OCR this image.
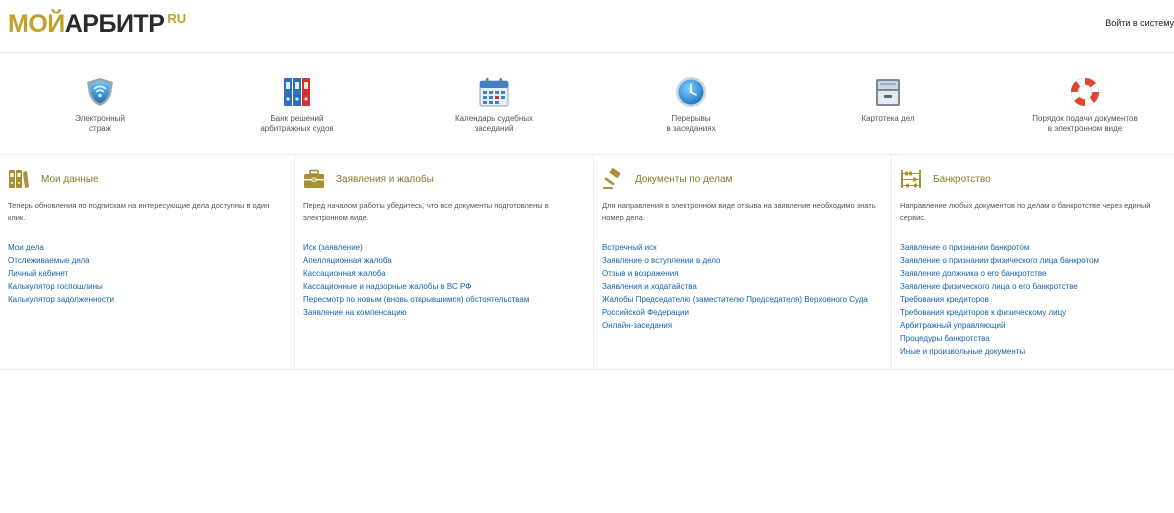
МОЙ АРБИТР RU	Войти в систему
Электронный
страж
Банк решений
арбитражных судов
Календарь судебных
заседаний
Перерывы
в заседаниях
Картотека дел	Порядок подачи документов
в электронном виде
Мои данные
Теперь обновления по подпискам на интересующие дела доступны в один клик.
Мои дела
Отслеживаемые дела
Личный кабинет
Калькулятор госпошлины
Калькулятор задолженности
Заявления и жалобы
Перед началом работы убедитесь, что все документы подготовлены в электронном виде.
Иск (заявление)
Апелляционная жалоба
Кассационная жалоба
Кассационные и надзорные жалобы в ВС РФ
Пересмотр по новым (вновь открывшимся) обстоятельствам
Заявление на компенсацию
Документы по делам
Для направления в электронном виде отзыва на заявление необходимо знать номер дела.
Встречный иск
Заявление о вступлении в дело
Отзыв и возражения
Заявления и ходатайства
Жалобы Председателю (заместителю Председателя) Верховного Суда Российской Федерации
Онлайн-заседания
Банкротство
Направление любых документов по делам о банкротстве через единый сервис.
Заявление о признании банкротом
Заявление о признании физического лица банкротом
Заявление должника о его банкротстве
Заявление физического лица о его банкротстве
Требования кредиторов
Требования кредиторов к физическому лицу
Арбитражный управляющий
Процедуры банкротства
Иные и произвольные документы
